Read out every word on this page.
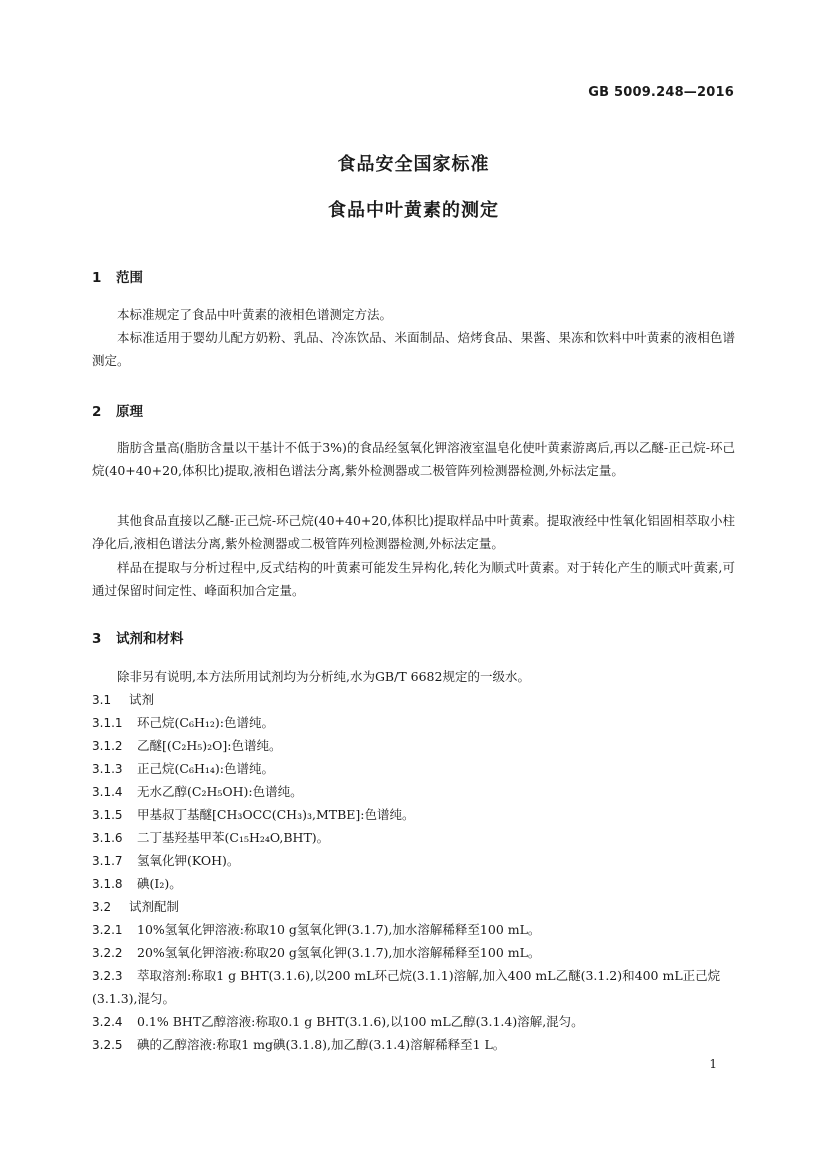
GB 5009.248—2016
食品安全国家标准
食品中叶黄素的测定
1 范围
本标准规定了食品中叶黄素的液相色谱测定方法。
本标准适用于婴幼儿配方奶粉、乳品、冷冻饮品、米面制品、焙烤食品、果酱、果冻和饮料中叶黄素的液相色谱测定。
2 原理
脂肪含量高(脂肪含量以干基计不低于3%)的食品经氢氧化钾溶液室温皂化使叶黄素游离后,再以乙醚-正己烷-环己烷(40+40+20,体积比)提取,液相色谱法分离,紫外检测器或二极管阵列检测器检测,外标法定量。
其他食品直接以乙醚-正己烷-环己烷(40+40+20,体积比)提取样品中叶黄素。提取液经中性氧化铝固相萃取小柱净化后,液相色谱法分离,紫外检测器或二极管阵列检测器检测,外标法定量。
样品在提取与分析过程中,反式结构的叶黄素可能发生异构化,转化为顺式叶黄素。对于转化产生的顺式叶黄素,可通过保留时间定性、峰面积加合定量。
3 试剂和材料
除非另有说明,本方法所用试剂均为分析纯,水为GB/T 6682规定的一级水。
3.1 试剂
3.1.1 环己烷(C₆H₁₂):色谱纯。
3.1.2 乙醚[(C₂H₅)₂O]:色谱纯。
3.1.3 正己烷(C₆H₁₄):色谱纯。
3.1.4 无水乙醇(C₂H₅OH):色谱纯。
3.1.5 甲基叔丁基醚[CH₃OCC(CH₃)₃,MTBE]:色谱纯。
3.1.6 二丁基羟基甲苯(C₁₅H₂₄O,BHT)。
3.1.7 氢氧化钾(KOH)。
3.1.8 碘(I₂)。
3.2 试剂配制
3.2.1 10%氢氧化钾溶液:称取10 g氢氧化钾(3.1.7),加水溶解稀释至100 mL。
3.2.2 20%氢氧化钾溶液:称取20 g氢氧化钾(3.1.7),加水溶解稀释至100 mL。
3.2.3 萃取溶剂:称取1 g BHT(3.1.6),以200 mL环己烷(3.1.1)溶解,加入400 mL乙醚(3.1.2)和400 mL正己烷(3.1.3),混匀。
3.2.4 0.1% BHT乙醇溶液:称取0.1 g BHT(3.1.6),以100 mL乙醇(3.1.4)溶解,混匀。
3.2.5 碘的乙醇溶液:称取1 mg碘(3.1.8),加乙醇(3.1.4)溶解稀释至1 L。
1
